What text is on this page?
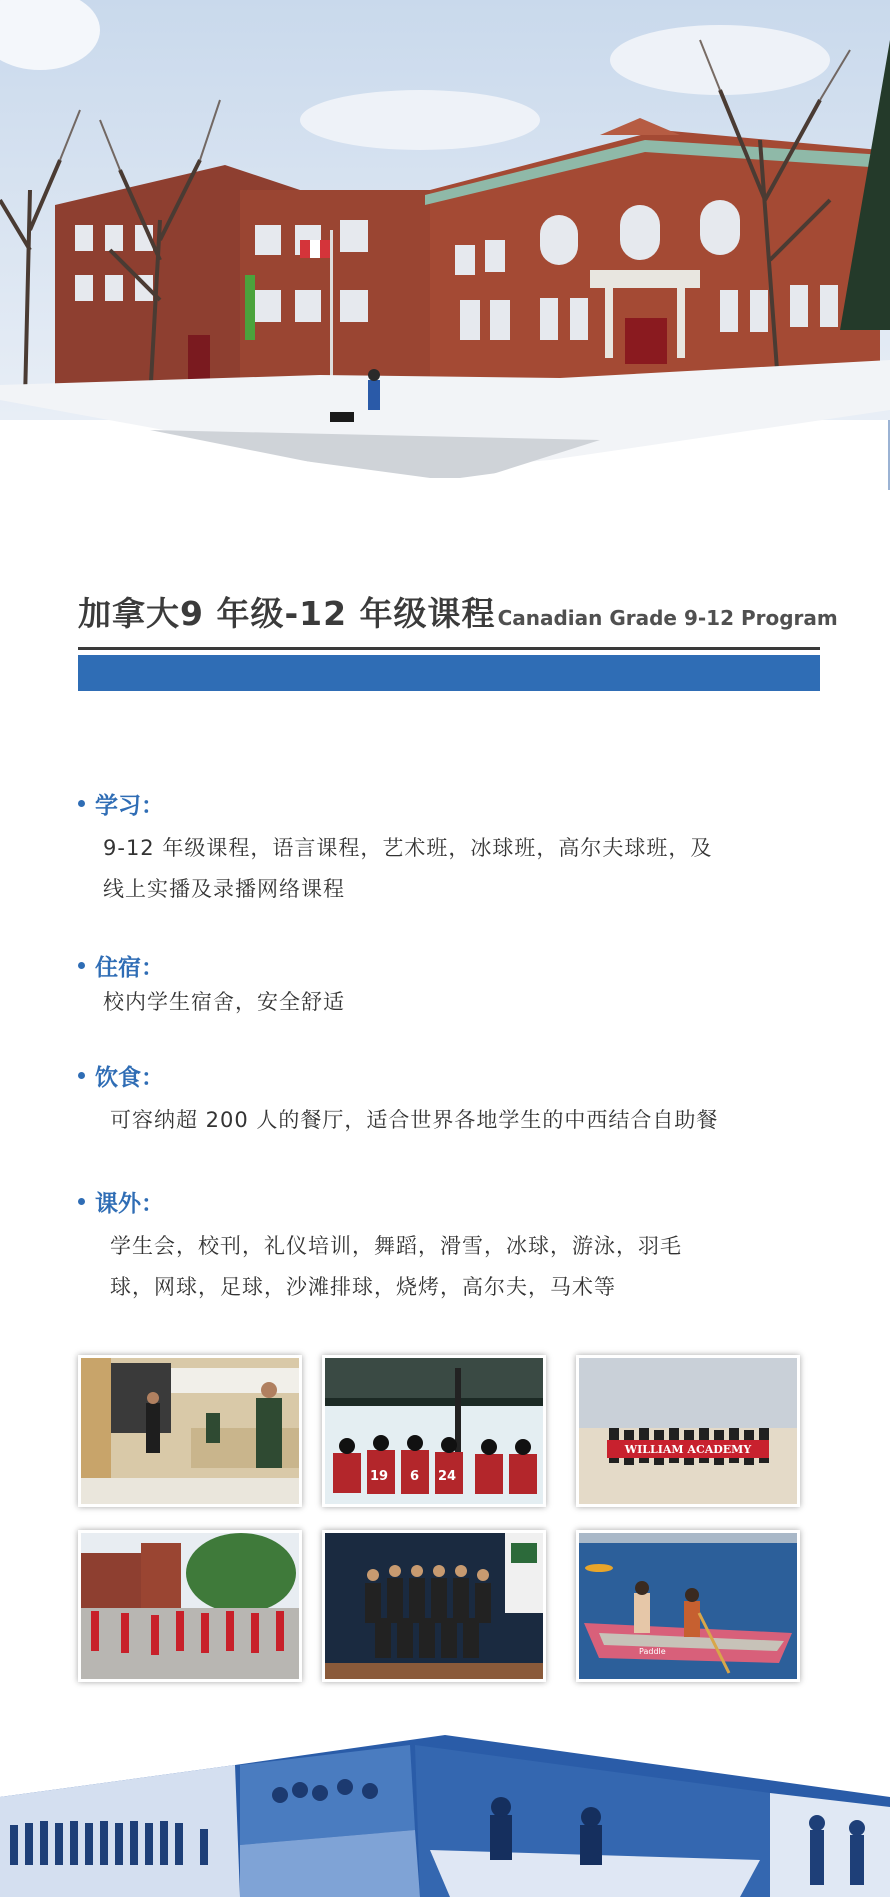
加拿大9 年级-12 年级课程 Canadian Grade 9-12 Program
学习：
9-12 年级课程，语言课程，艺术班，冰球班，高尔夫球班，及
线上实播及录播网络课程
住宿：
校内学生宿舍，安全舒适
饮食：
可容纳超 200 人的餐厅，适合世界各地学生的中西结合自助餐
课外：
学生会，校刊，礼仪培训，舞蹈，滑雪，冰球，游泳，羽毛
球，网球，足球，沙滩排球，烧烤，高尔夫，马术等
19 6 24
WILLIAM ACADEMY
Paddle
